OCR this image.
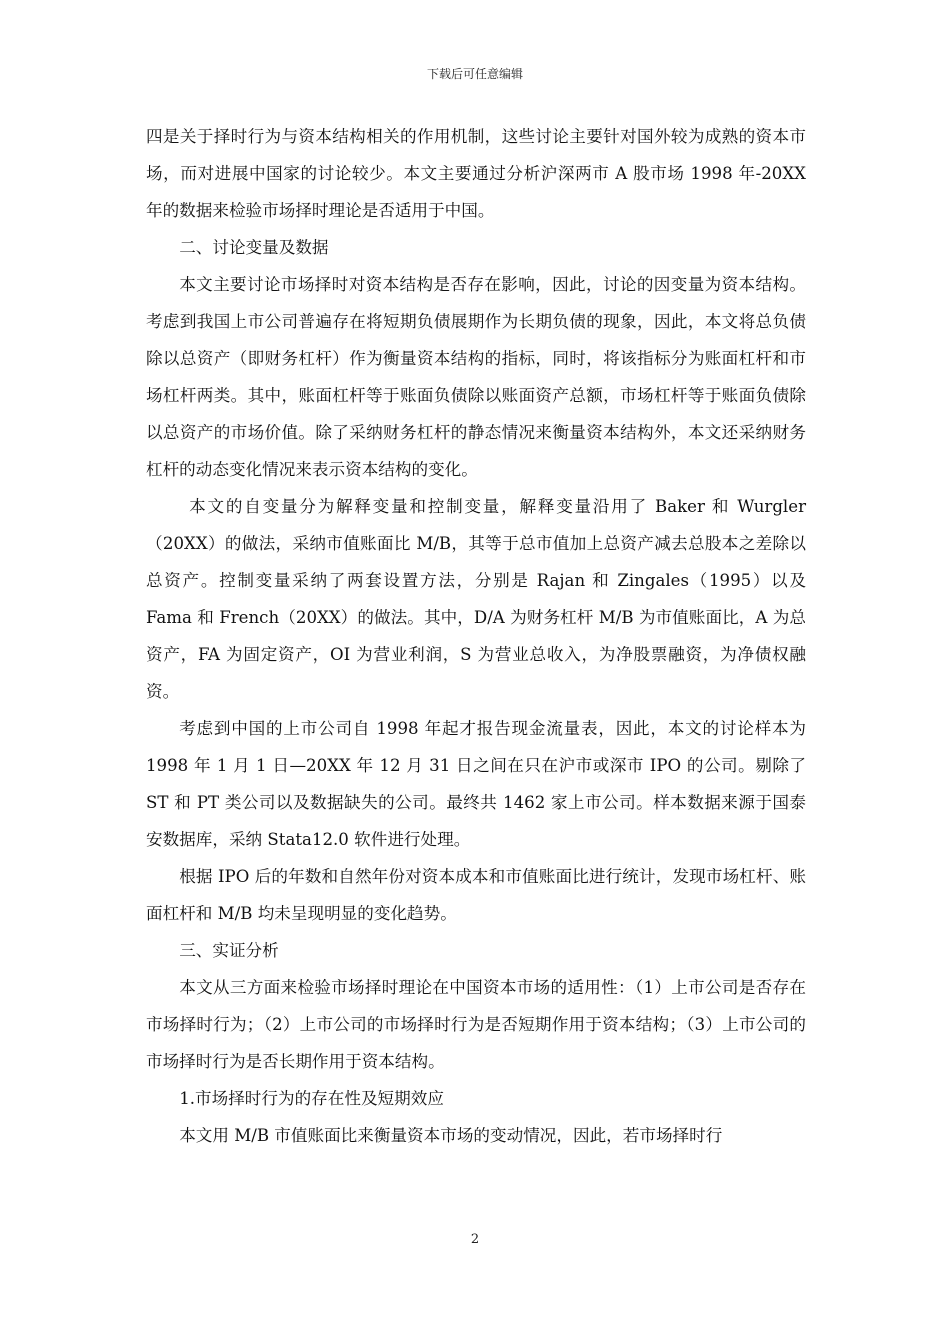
下载后可任意编辑

四是关于择时行为与资本结构相关的作用机制，这些讨论主要针对国外较为成熟的资本市场，而对进展中国家的讨论较少。本文主要通过分析沪深两市 A 股市场 1998 年-20XX 年的数据来检验市场择时理论是否适用于中国。

二、讨论变量及数据

本文主要讨论市场择时对资本结构是否存在影响，因此，讨论的因变量为资本结构。考虑到我国上市公司普遍存在将短期负债展期作为长期负债的现象，因此，本文将总负债除以总资产（即财务杠杆）作为衡量资本结构的指标，同时，将该指标分为账面杠杆和市场杠杆两类。其中，账面杠杆等于账面负债除以账面资产总额，市场杠杆等于账面负债除以总资产的市场价值。除了采纳财务杠杆的静态情况来衡量资本结构外，本文还采纳财务杠杆的动态变化情况来表示资本结构的变化。

本文的自变量分为解释变量和控制变量，解释变量沿用了 Baker 和 Wurgler（20XX）的做法，采纳市值账面比 M/B，其等于总市值加上总资产减去总股本之差除以总资产。控制变量采纳了两套设置方法，分别是 Rajan 和 Zingales（1995）以及 Fama 和 French（20XX）的做法。其中，D/A 为财务杠杆 M/B 为市值账面比，A 为总资产，FA 为固定资产，OI 为营业利润，S 为营业总收入，为净股票融资，为净债权融资。

考虑到中国的上市公司自 1998 年起才报告现金流量表，因此，本文的讨论样本为 1998 年 1 月 1 日—20XX 年 12 月 31 日之间在只在沪市或深市 IPO 的公司。剔除了 ST 和 PT 类公司以及数据缺失的公司。最终共 1462 家上市公司。样本数据来源于国泰安数据库，采纳 Stata12.0 软件进行处理。

根据 IPO 后的年数和自然年份对资本成本和市值账面比进行统计，发现市场杠杆、账面杠杆和 M/B 均未呈现明显的变化趋势。

三、实证分析

本文从三方面来检验市场择时理论在中国资本市场的适用性：（1）上市公司是否存在市场择时行为；（2）上市公司的市场择时行为是否短期作用于资本结构；（3）上市公司的市场择时行为是否长期作用于资本结构。

1.市场择时行为的存在性及短期效应

本文用 M/B 市值账面比来衡量资本市场的变动情况，因此，若市场择时行

2
